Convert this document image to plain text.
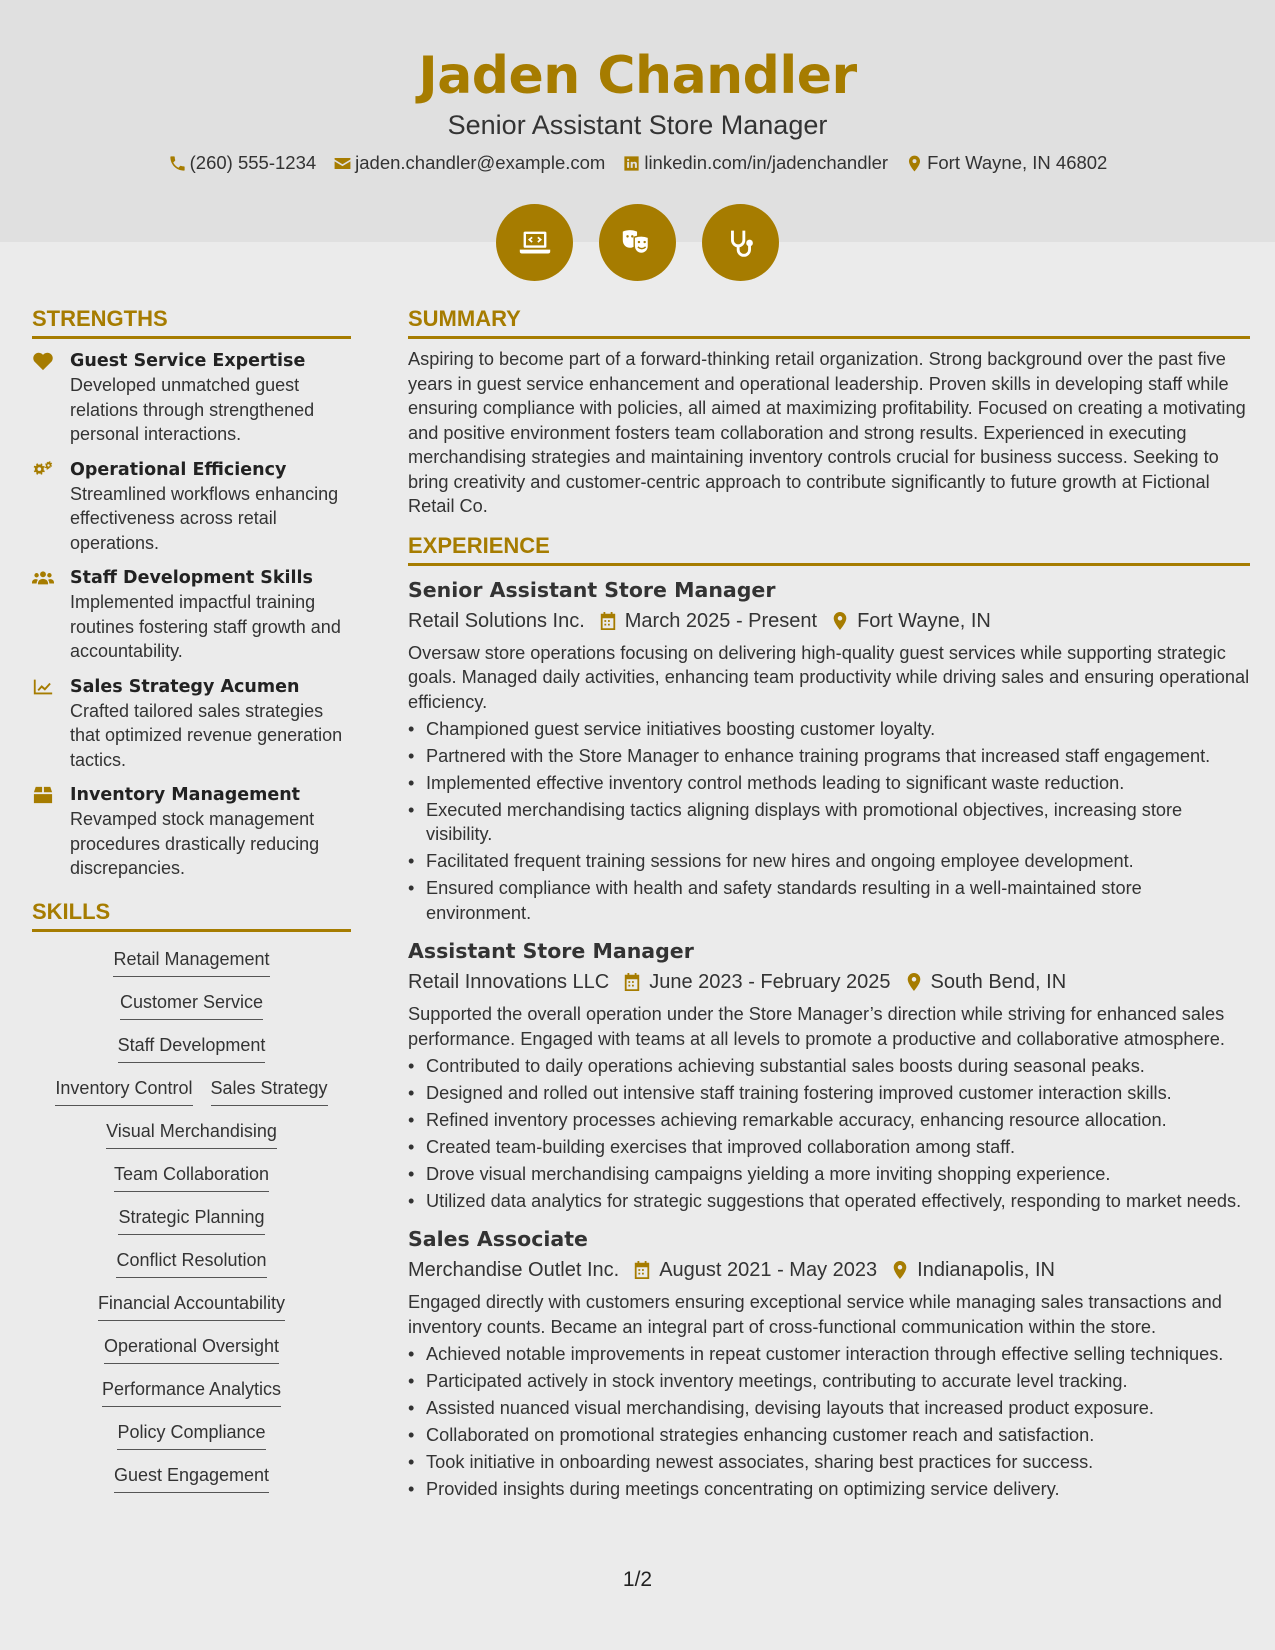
Jaden Chandler
Senior Assistant Store Manager
(260) 555-1234 jaden.chandler@example.com linkedin.com/in/jadenchandler Fort Wayne, IN 46802
STRENGTHS
Guest Service Expertise
Developed unmatched guest relations through strengthened personal interactions.
Operational Efficiency
Streamlined workflows enhancing effectiveness across retail operations.
Staff Development Skills
Implemented impactful training routines fostering staff growth and accountability.
Sales Strategy Acumen
Crafted tailored sales strategies that optimized revenue generation tactics.
Inventory Management
Revamped stock management procedures drastically reducing discrepancies.
SKILLS
Retail Management
Customer Service
Staff Development
Inventory Control Sales Strategy
Visual Merchandising
Team Collaboration
Strategic Planning
Conflict Resolution
Financial Accountability
Operational Oversight
Performance Analytics
Policy Compliance
Guest Engagement
SUMMARY
Aspiring to become part of a forward-thinking retail organization. Strong background over the past five years in guest service enhancement and operational leadership. Proven skills in developing staff while ensuring compliance with policies, all aimed at maximizing profitability. Focused on creating a motivating and positive environment fosters team collaboration and strong results. Experienced in executing merchandising strategies and maintaining inventory controls crucial for business success. Seeking to bring creativity and customer-centric approach to contribute significantly to future growth at Fictional Retail Co.
EXPERIENCE
Senior Assistant Store Manager
Retail Solutions Inc. March 2025 - Present Fort Wayne, IN
Oversaw store operations focusing on delivering high-quality guest services while supporting strategic goals. Managed daily activities, enhancing team productivity while driving sales and ensuring operational efficiency.
• Championed guest service initiatives boosting customer loyalty.
• Partnered with the Store Manager to enhance training programs that increased staff engagement.
• Implemented effective inventory control methods leading to significant waste reduction.
• Executed merchandising tactics aligning displays with promotional objectives, increasing store visibility.
• Facilitated frequent training sessions for new hires and ongoing employee development.
• Ensured compliance with health and safety standards resulting in a well-maintained store environment.
Assistant Store Manager
Retail Innovations LLC June 2023 - February 2025 South Bend, IN
Supported the overall operation under the Store Manager’s direction while striving for enhanced sales performance. Engaged with teams at all levels to promote a productive and collaborative atmosphere.
• Contributed to daily operations achieving substantial sales boosts during seasonal peaks.
• Designed and rolled out intensive staff training fostering improved customer interaction skills.
• Refined inventory processes achieving remarkable accuracy, enhancing resource allocation.
• Created team-building exercises that improved collaboration among staff.
• Drove visual merchandising campaigns yielding a more inviting shopping experience.
• Utilized data analytics for strategic suggestions that operated effectively, responding to market needs.
Sales Associate
Merchandise Outlet Inc. August 2021 - May 2023 Indianapolis, IN
Engaged directly with customers ensuring exceptional service while managing sales transactions and inventory counts. Became an integral part of cross-functional communication within the store.
• Achieved notable improvements in repeat customer interaction through effective selling techniques.
• Participated actively in stock inventory meetings, contributing to accurate level tracking.
• Assisted nuanced visual merchandising, devising layouts that increased product exposure.
• Collaborated on promotional strategies enhancing customer reach and satisfaction.
• Took initiative in onboarding newest associates, sharing best practices for success.
• Provided insights during meetings concentrating on optimizing service delivery.
1/2
